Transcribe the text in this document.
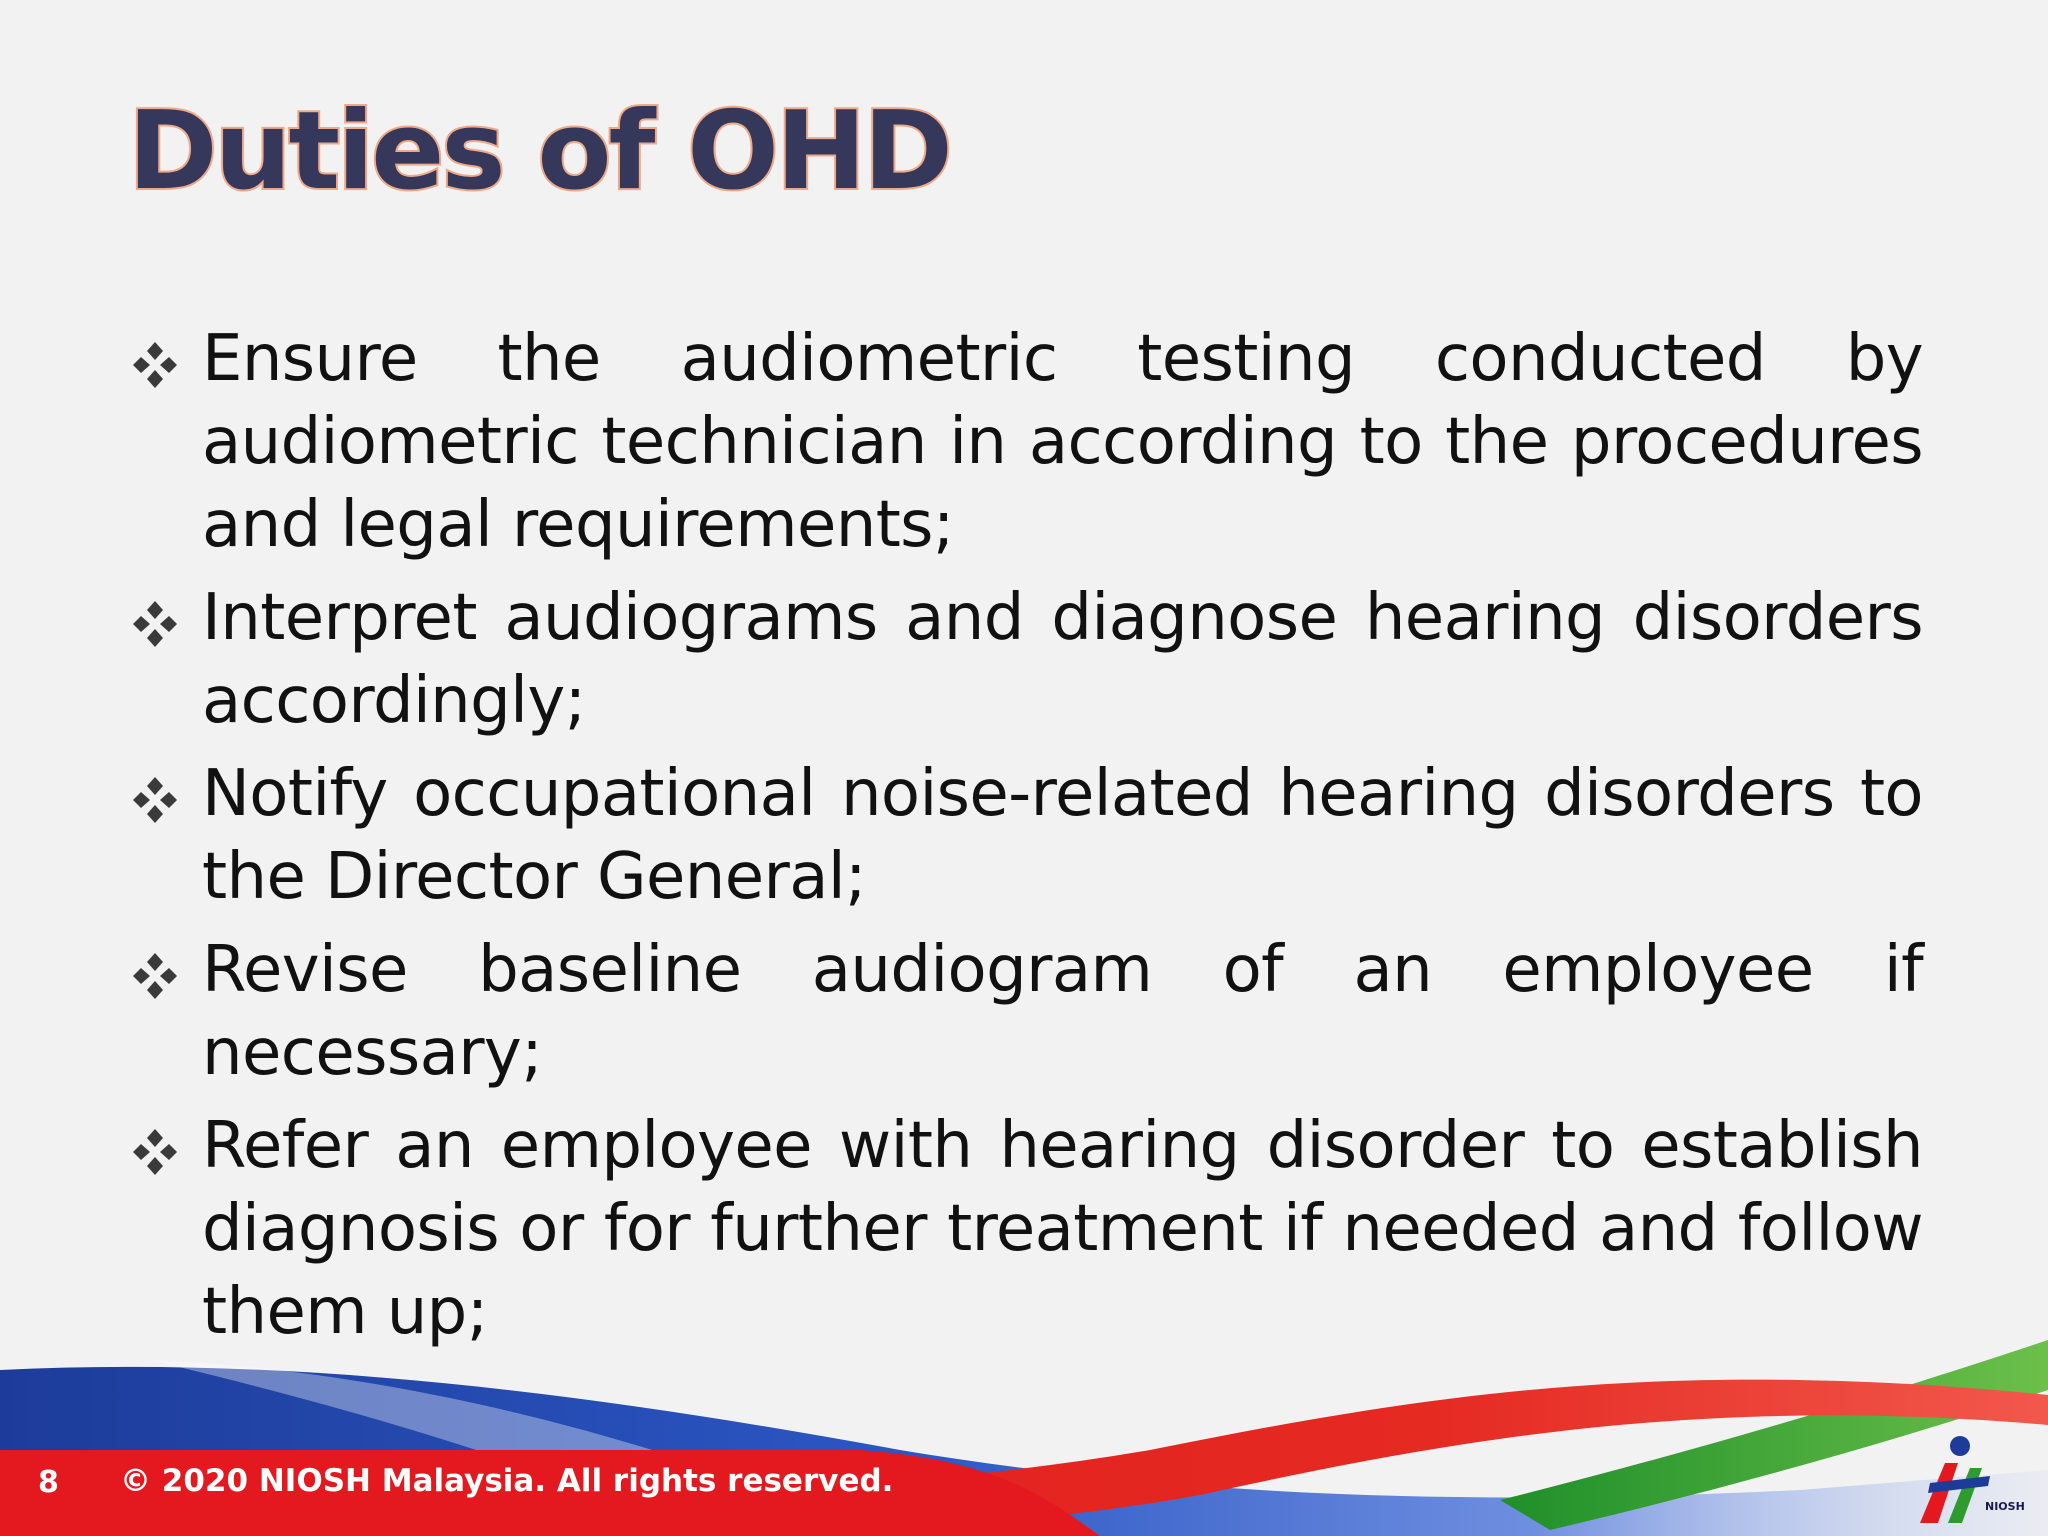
Duties of OHD
Ensure the audiometric testing conducted by audiometric technician in according to the procedures and legal requirements;
Interpret audiograms and diagnose hearing disorders accordingly;
Notify occupational noise-related hearing disorders to the Director General;
Revise baseline audiogram of an employee if necessary;
Refer an employee with hearing disorder to establish diagnosis or for further treatment if needed and follow them up;
8 © 2020 NIOSH Malaysia. All rights reserved.
NIOSH
